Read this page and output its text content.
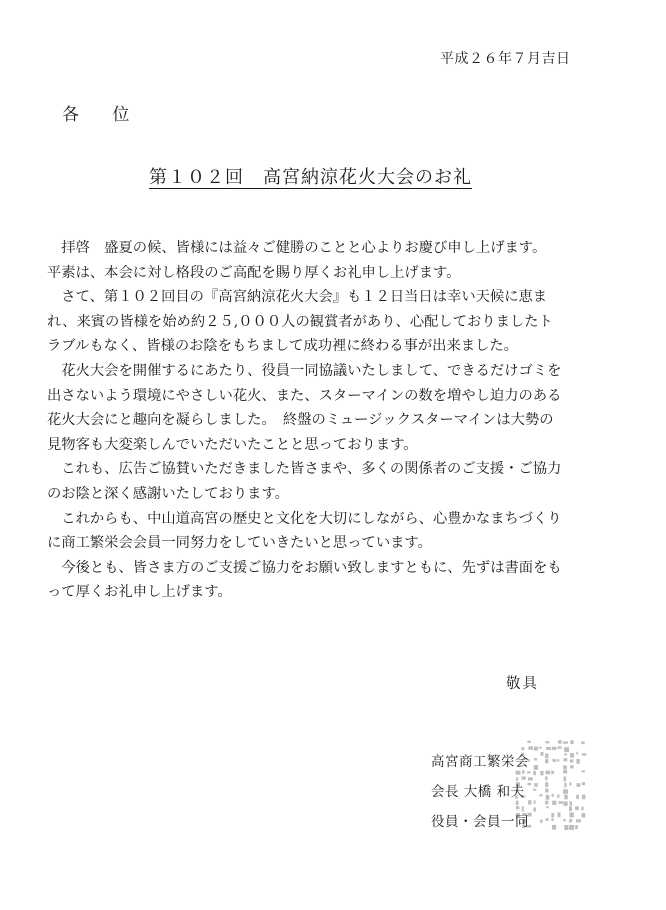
平成２６年７月吉日
各 位
第１０２回　高宮納涼花火大会のお礼

　拝啓　盛夏の候、皆様には益々ご健勝のことと心よりお慶び申し上げます。

平素は、本会に対し格段のご高配を賜り厚くお礼申し上げます。

　さて、第１０２回目の『高宮納涼花火大会』も１２日当日は幸い天候に恵ま

れ、来賓の皆様を始め約２５,０００人の観賞者があり、心配しておりましたト

ラブルもなく、皆様のお陰をもちまして成功裡に終わる事が出来ました。

　花火大会を開催するにあたり、役員一同協議いたしまして、できるだけゴミを

出さないよう環境にやさしい花火、また、スターマインの数を増やし迫力のある

花火大会にと趣向を凝らしました。　終盤のミュージックスターマインは大勢の

見物客も大変楽しんでいただいたことと思っております。

　これも、広告ご協賛いただきました皆さまや、多くの関係者のご支援・ご協力

のお陰と深く感謝いたしております。

　これからも、中山道高宮の歴史と文化を大切にしながら、心豊かなまちづくり

に商工繁栄会会員一同努力をしていきたいと思っています。

　今後とも、皆さま方のご支援ご協力をお願い致しますともに、先ずは書面をも

って厚くお礼申し上げます。

敬具
高宮商工繁栄会
会長 大橋 和夫
役員・会員一同
